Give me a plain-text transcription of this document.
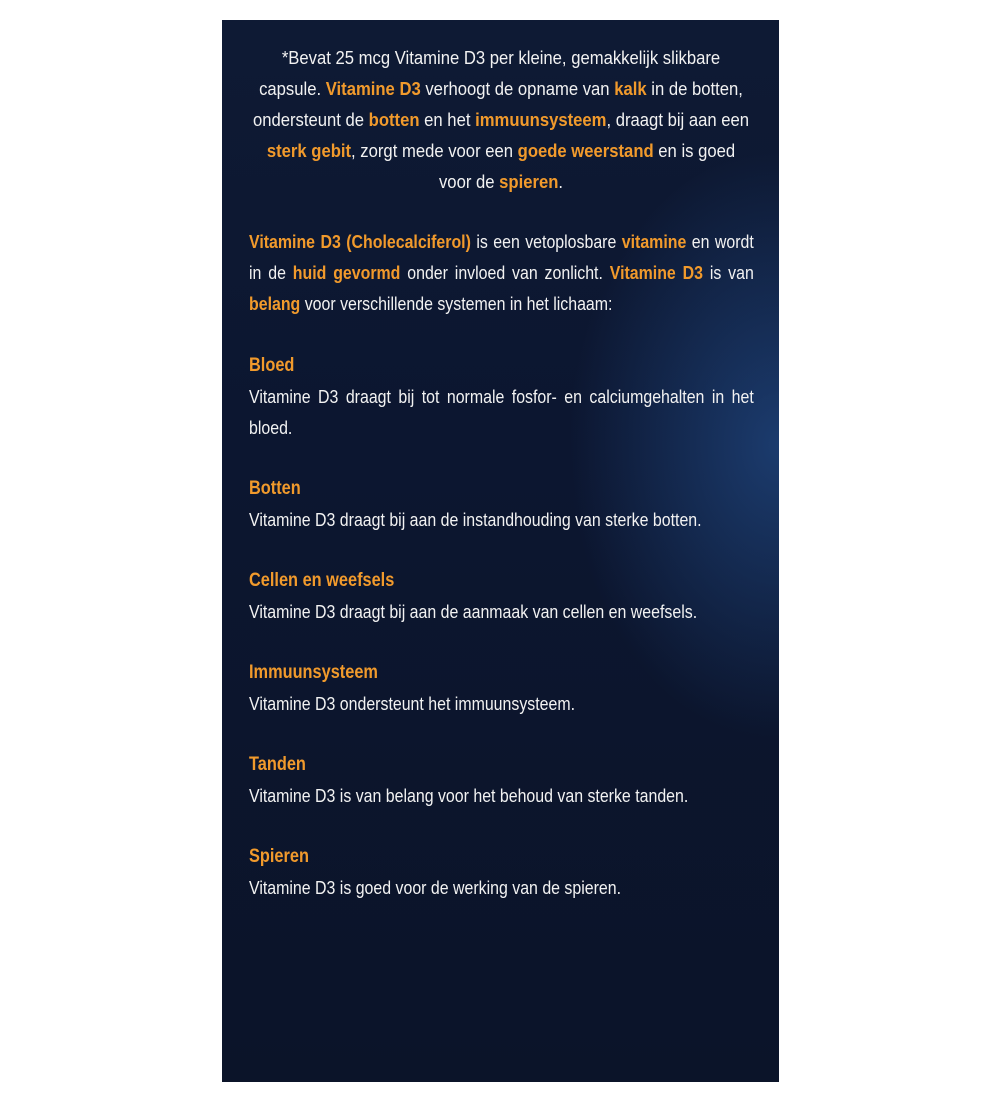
*Bevat 25 mcg Vitamine D3 per kleine, gemakkelijk slikbare capsule. Vitamine D3 verhoogt de opname van kalk in de botten, ondersteunt de botten en het immuunsysteem, draagt bij aan een sterk gebit, zorgt mede voor een goede weerstand en is goed voor de spieren.

Vitamine D3 (Cholecalciferol) is een vetoplosbare vitamine en wordt in de huid gevormd onder invloed van zonlicht. Vitamine D3 is van belang voor verschillende systemen in het lichaam:
Bloed
Vitamine D3 draagt bij tot normale fosfor- en calciumgehalten in het bloed.
Botten
Vitamine D3 draagt bij aan de instandhouding van sterke botten.
Cellen en weefsels
Vitamine D3 draagt bij aan de aanmaak van cellen en weefsels.
Immuunsysteem
Vitamine D3 ondersteunt het immuunsysteem.
Tanden
Vitamine D3 is van belang voor het behoud van sterke tanden.
Spieren
Vitamine D3 is goed voor de werking van de spieren.
